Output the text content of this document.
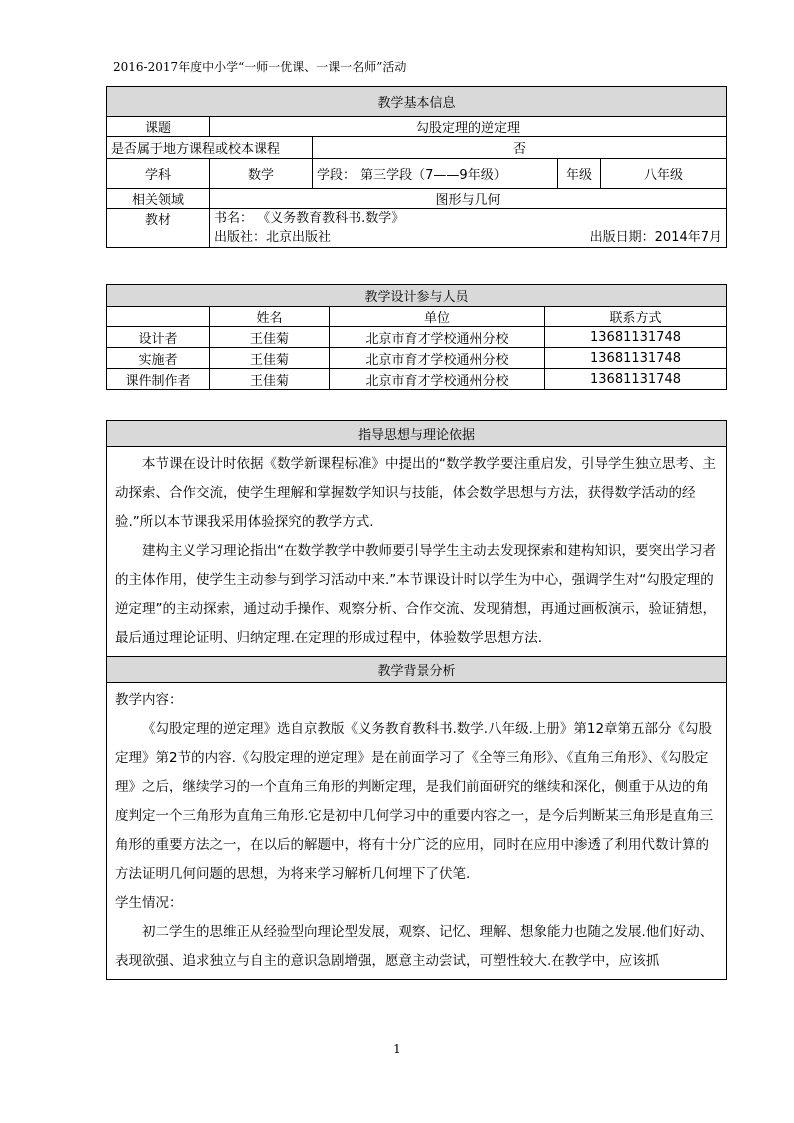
2016-2017年度中小学“一师一优课、一课一名师”活动
教学基本信息				
课题	勾股定理的逆定理			
是否属于地方课程或校本课程		否		
学科	数学	学段： 第三学段（7——9年级）	年级	八年级
相关领域	图形与几何			
教材	书名： 《义务教育教科书.数学》
出版社：北京出版社 出版日期：2014年7月			
教学设计参与人员			
	姓名	单位	联系方式
设计者	王佳菊	北京市育才学校通州分校	13681131748
实施者	王佳菊	北京市育才学校通州分校	13681131748
课件制作者	王佳菊	北京市育才学校通州分校	13681131748
指导思想与理论依据

本节课在设计时依据《数学新课程标准》中提出的“数学教学要注重启发，引导学生独立思考、主动探索、合作交流，使学生理解和掌握数学知识与技能，体会数学思想与方法，获得数学活动的经验.”所以本节课我采用体验探究的教学方式.

建构主义学习理论指出“在数学教学中教师要引导学生主动去发现探索和建构知识，要突出学习者的主体作用，使学生主动参与到学习活动中来.”本节课设计时以学生为中心，强调学生对“勾股定理的逆定理”的主动探索，通过动手操作、观察分析、合作交流、发现猜想，再通过画板演示，验证猜想，最后通过理论证明、归纳定理.在定理的形成过程中，体验数学思想方法.

教学背景分析

教学内容：

《勾股定理的逆定理》选自京教版《义务教育教科书.数学.八年级.上册》第12章第五部分《勾股定理》第2节的内容.《勾股定理的逆定理》是在前面学习了《全等三角形》、《直角三角形》、《勾股定理》之后，继续学习的一个直角三角形的判断定理，是我们前面研究的继续和深化，侧重于从边的角度判定一个三角形为直角三角形.它是初中几何学习中的重要内容之一，是今后判断某三角形是直角三角形的重要方法之一，在以后的解题中，将有十分广泛的应用，同时在应用中渗透了利用代数计算的方法证明几何问题的思想，为将来学习解析几何埋下了伏笔.

学生情况：

初二学生的思维正从经验型向理论型发展，观察、记忆、理解、想象能力也随之发展.他们好动、表现欲强、追求独立与自主的意识急剧增强，愿意主动尝试，可塑性较大.在教学中，应该抓

1
